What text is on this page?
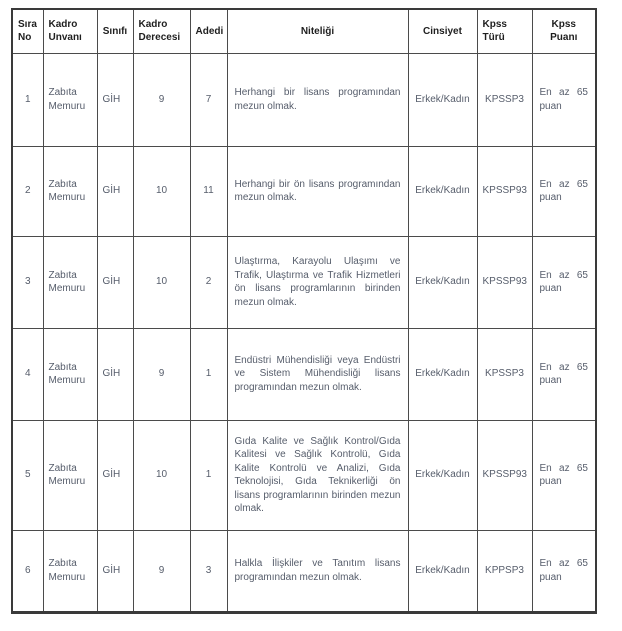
Sıra No	Kadro Unvanı	Sınıfı	Kadro Derecesi	Adedi	Niteliği	Cinsiyet	Kpss Türü	Kpss Puanı
1	Zabıta Memuru	GİH	9	7	Herhangi bir lisans programından mezun olmak.	Erkek/Kadın	KPSSP3	En az 65 puan
2	Zabıta Memuru	GİH	10	11	Herhangi bir ön lisans programından mezun olmak.	Erkek/Kadın	KPSSP93	En az 65 puan
3	Zabıta Memuru	GİH	10	2	Ulaştırma, Karayolu Ulaşımı ve Trafik, Ulaştırma ve Trafik Hizmetleri ön lisans programlarının birinden mezun olmak.	Erkek/Kadın	KPSSP93	En az 65 puan
4	Zabıta Memuru	GİH	9	1	Endüstri Mühendisliği veya Endüstri ve Sistem Mühendisliği lisans programından mezun olmak.	Erkek/Kadın	KPSSP3	En az 65 puan
5	Zabıta Memuru	GİH	10	1	Gıda Kalite ve Sağlık Kontrol/Gıda Kalitesi ve Sağlık Kontrolü, Gıda Kalite Kontrolü ve Analizi, Gıda Teknolojisi, Gıda Teknikerliği ön lisans programlarının birinden mezun olmak.	Erkek/Kadın	KPSSP93	En az 65 puan
6	Zabıta Memuru	GİH	9	3	Halkla İlişkiler ve Tanıtım lisans programından mezun olmak.	Erkek/Kadın	KPPSP3	En az 65 puan
